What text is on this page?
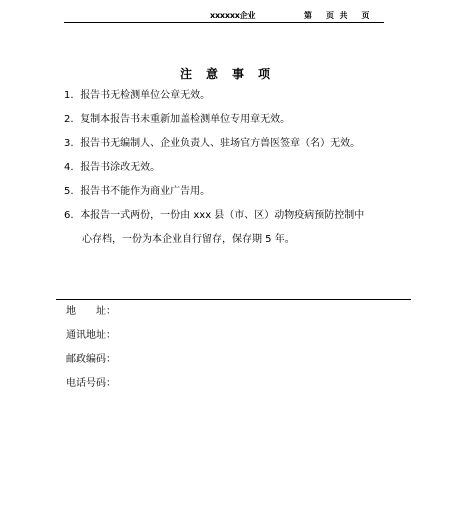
xxxxxx企业	第 页 共 页
注意事项
1. 报告书无检测单位公章无效。
2. 复制本报告书未重新加盖检测单位专用章无效。
3. 报告书无编制人、企业负责人、驻场官方兽医签章（名）无效。
4. 报告书涂改无效。
5. 报告书不能作为商业广告用。
6. 本报告一式两份，一份由 xxx 县（市、区）动物疫病预防控制中
心存档，一份为本企业自行留存，保存期 5 年。
地　　址：
通讯地址：
邮政编码：
电话号码：
